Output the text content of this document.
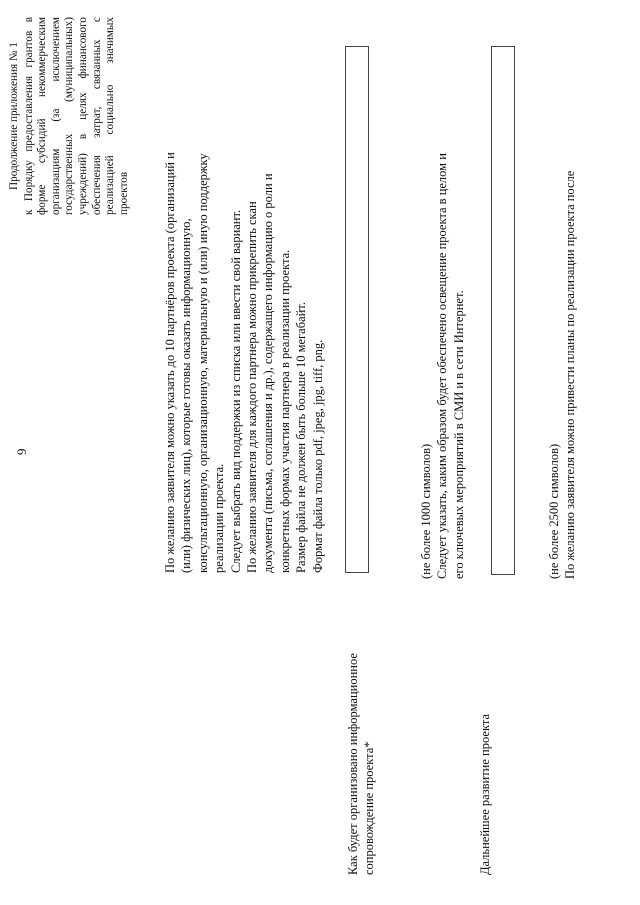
9
Продолжение приложения № 1 к Порядку предоставления грантов в форме субсидий некоммерческим организациям (за исключением государственных (муниципальных) учреждений) в целях финансового обеспечения затрат, связанных с реализацией социально значимых проектов	По желанию заявителя можно указать до 10 партнёров проекта (организаций и (или) физических лиц), которые готовы оказать информационную, консультационную, организационную, материальную и (или) иную поддержку реализации проекта. Следует выбрать вид поддержки из списка или ввести свой вариант. По желанию заявителя для каждого партнера можно прикрепить скан документа (письма, соглашения и др.), содержащего информацию о роли и конкретных формах участия партнера в реализации проекта. Размер файла не должен быть больше 10 мегабайт. Формат файла только pdf, jpeg, jpg, tiff, png.

Как будет организовано информационное сопровождение проекта*

(не более 1000 символов) Следует указать, каким образом будет обеспечено освещение проекта в целом и его ключевых мероприятий в СМИ и в сети Интернет.

Дальнейшее развитие проекта

(не более 2500 символов) По желанию заявителя можно привести планы по реализации проекта после
